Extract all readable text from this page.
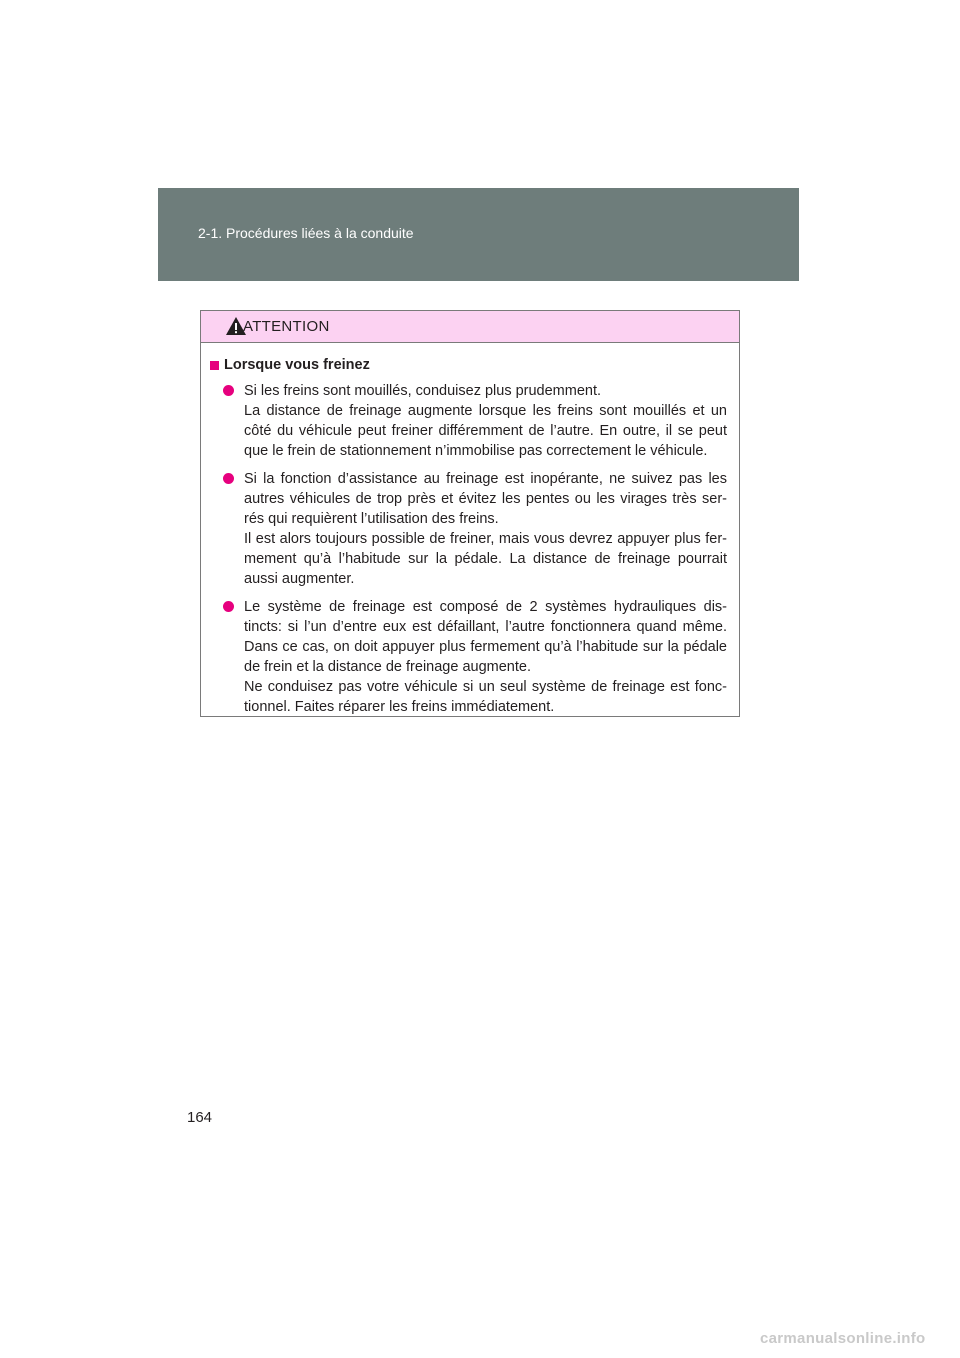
2-1. Procédures liées à la conduite
ATTENTION
Lorsque vous freinez

Si les freins sont mouillés, conduisez plus prudemment.

La distance de freinage augmente lorsque les freins sont mouillés et un côté du véhicule peut freiner différemment de l’autre. En outre, il se peut que le frein de stationnement n’immobilise pas correctement le véhicule.

Si la fonction d’assistance au freinage est inopérante, ne suivez pas les autres véhicules de trop près et évitez les pentes ou les virages très ser-rés qui requièrent l’utilisation des freins.

Il est alors toujours possible de freiner, mais vous devrez appuyer plus fer-mement qu’à l’habitude sur la pédale. La distance de freinage pourrait aussi augmenter.

Le système de freinage est composé de 2 systèmes hydrauliques dis-tincts: si l’un d’entre eux est défaillant, l’autre fonctionnera quand même. Dans ce cas, on doit appuyer plus fermement qu’à l’habitude sur la pédale de frein et la distance de freinage augmente.

Ne conduisez pas votre véhicule si un seul système de freinage est fonc-tionnel. Faites réparer les freins immédiatement.

164
carmanualsonline.info
